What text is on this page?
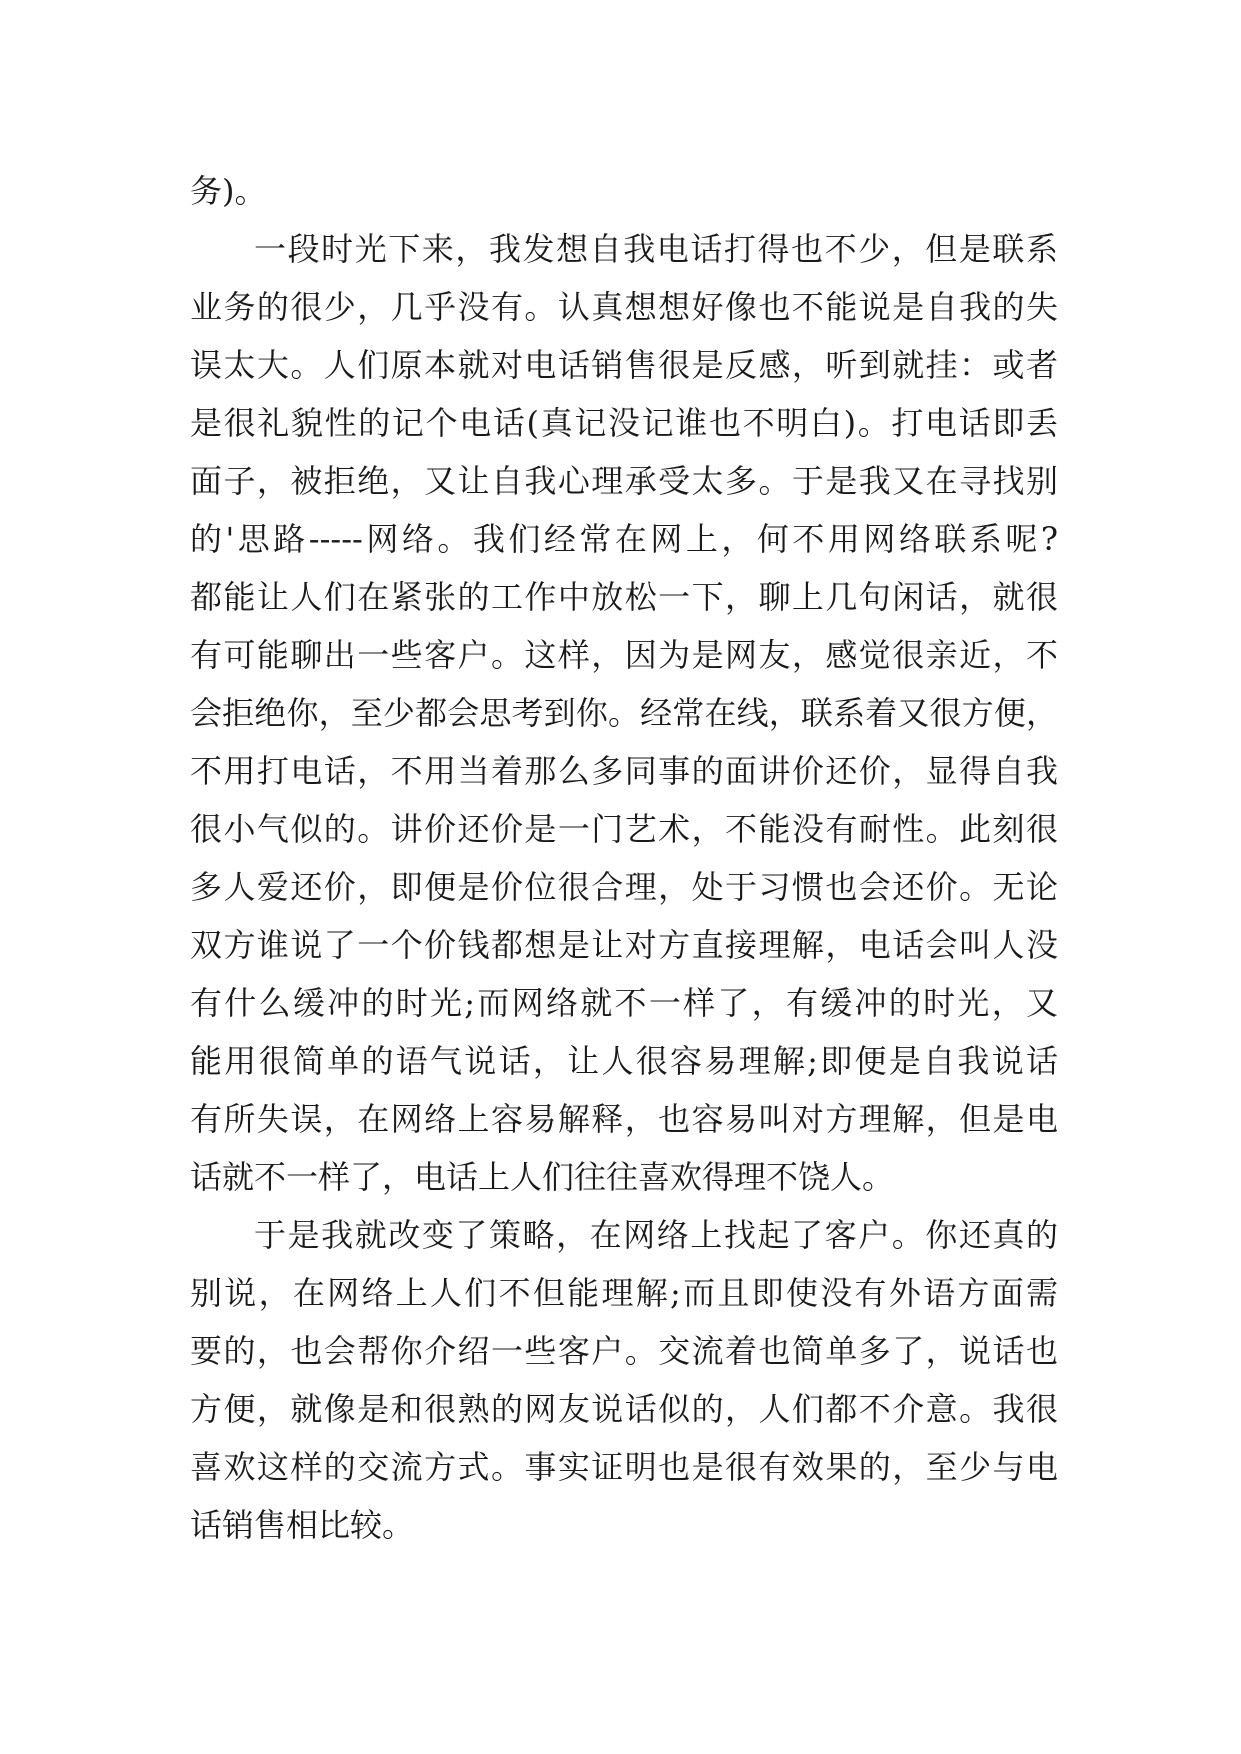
务)。
一段时光下来，我发想自我电话打得也不少，但是联系
业务的很少，几乎没有。认真想想好像也不能说是自我的失
误太大。人们原本就对电话销售很是反感，听到就挂：或者
是很礼貌性的记个电话(真记没记谁也不明白)。打电话即丢
面子，被拒绝，又让自我心理承受太多。于是我又在寻找别
的'思路-----网络。我们经常在网上，何不用网络联系呢?
都能让人们在紧张的工作中放松一下，聊上几句闲话，就很
有可能聊出一些客户。这样，因为是网友，感觉很亲近，不
会拒绝你，至少都会思考到你。经常在线，联系着又很方便，
不用打电话，不用当着那么多同事的面讲价还价，显得自我
很小气似的。讲价还价是一门艺术，不能没有耐性。此刻很
多人爱还价，即便是价位很合理，处于习惯也会还价。无论
双方谁说了一个价钱都想是让对方直接理解，电话会叫人没
有什么缓冲的时光;而网络就不一样了，有缓冲的时光，又
能用很简单的语气说话，让人很容易理解;即便是自我说话
有所失误，在网络上容易解释，也容易叫对方理解，但是电
话就不一样了，电话上人们往往喜欢得理不饶人。
于是我就改变了策略，在网络上找起了客户。你还真的
别说，在网络上人们不但能理解;而且即使没有外语方面需
要的，也会帮你介绍一些客户。交流着也简单多了，说话也
方便，就像是和很熟的网友说话似的，人们都不介意。我很
喜欢这样的交流方式。事实证明也是很有效果的，至少与电
话销售相比较。
